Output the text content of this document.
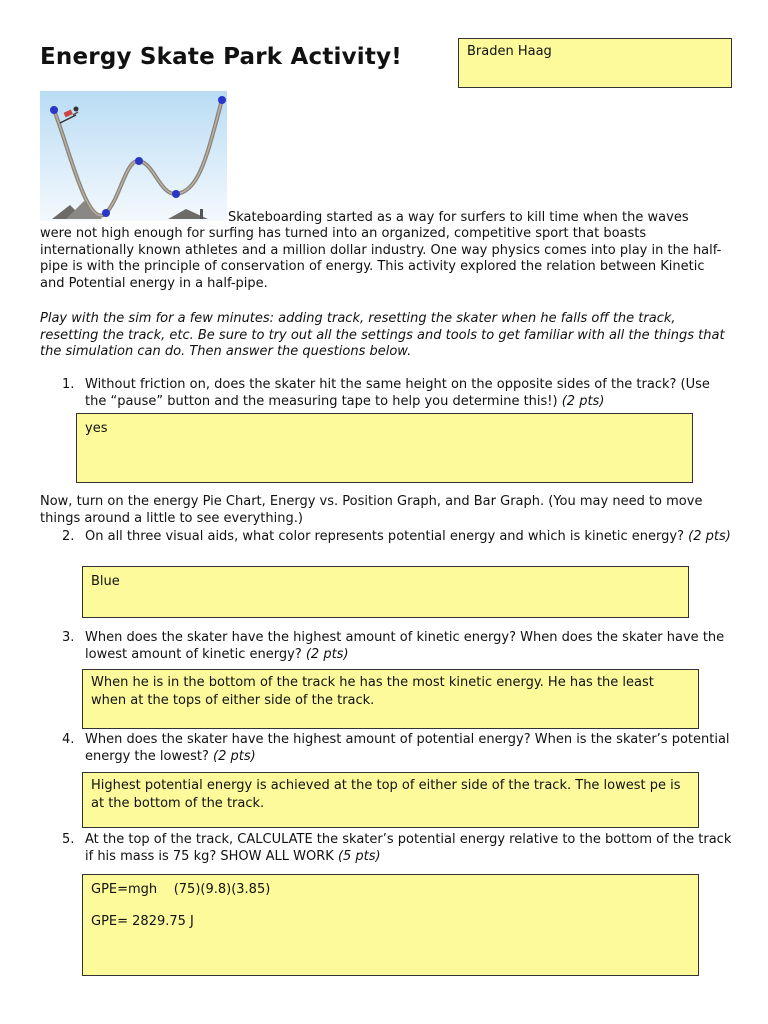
Energy Skate Park Activity!	Braden Haag
Skateboarding started as a way for surfers to kill time when the waves
were not high enough for surfing has turned into an organized, competitive sport that boasts internationally known athletes and a million dollar industry. One way physics comes into play in the half-pipe is with the principle of conservation of energy. This activity explored the relation between Kinetic and Potential energy in a half-pipe.
Play with the sim for a few minutes: adding track, resetting the skater when he falls off the track, resetting the track, etc. Be sure to try out all the settings and tools to get familiar with all the things that the simulation can do. Then answer the questions below.
1. Without friction on, does the skater hit the same height on the opposite sides of the track? (Use the “pause” button and the measuring tape to help you determine this!) (2 pts)

yes

Now, turn on the energy Pie Chart, Energy vs. Position Graph, and Bar Graph. (You may need to move things around a little to see everything.)
2. On all three visual aids, what color represents potential energy and which is kinetic energy? (2 pts)

Blue

3. When does the skater have the highest amount of kinetic energy? When does the skater have the lowest amount of kinetic energy? (2 pts)

When he is in the bottom of the track he has the most kinetic energy. He has the least when at the tops of either side of the track.

4. When does the skater have the highest amount of potential energy? When is the skater’s potential energy the lowest? (2 pts)

Highest potential energy is achieved at the top of either side of the track. The lowest pe is at the bottom of the track.

5. At the top of the track, CALCULATE the skater’s potential energy relative to the bottom of the track if his mass is 75 kg? SHOW ALL WORK (5 pts)

GPE=mgh    (75)(9.8)(3.85)

GPE= 2829.75 J
